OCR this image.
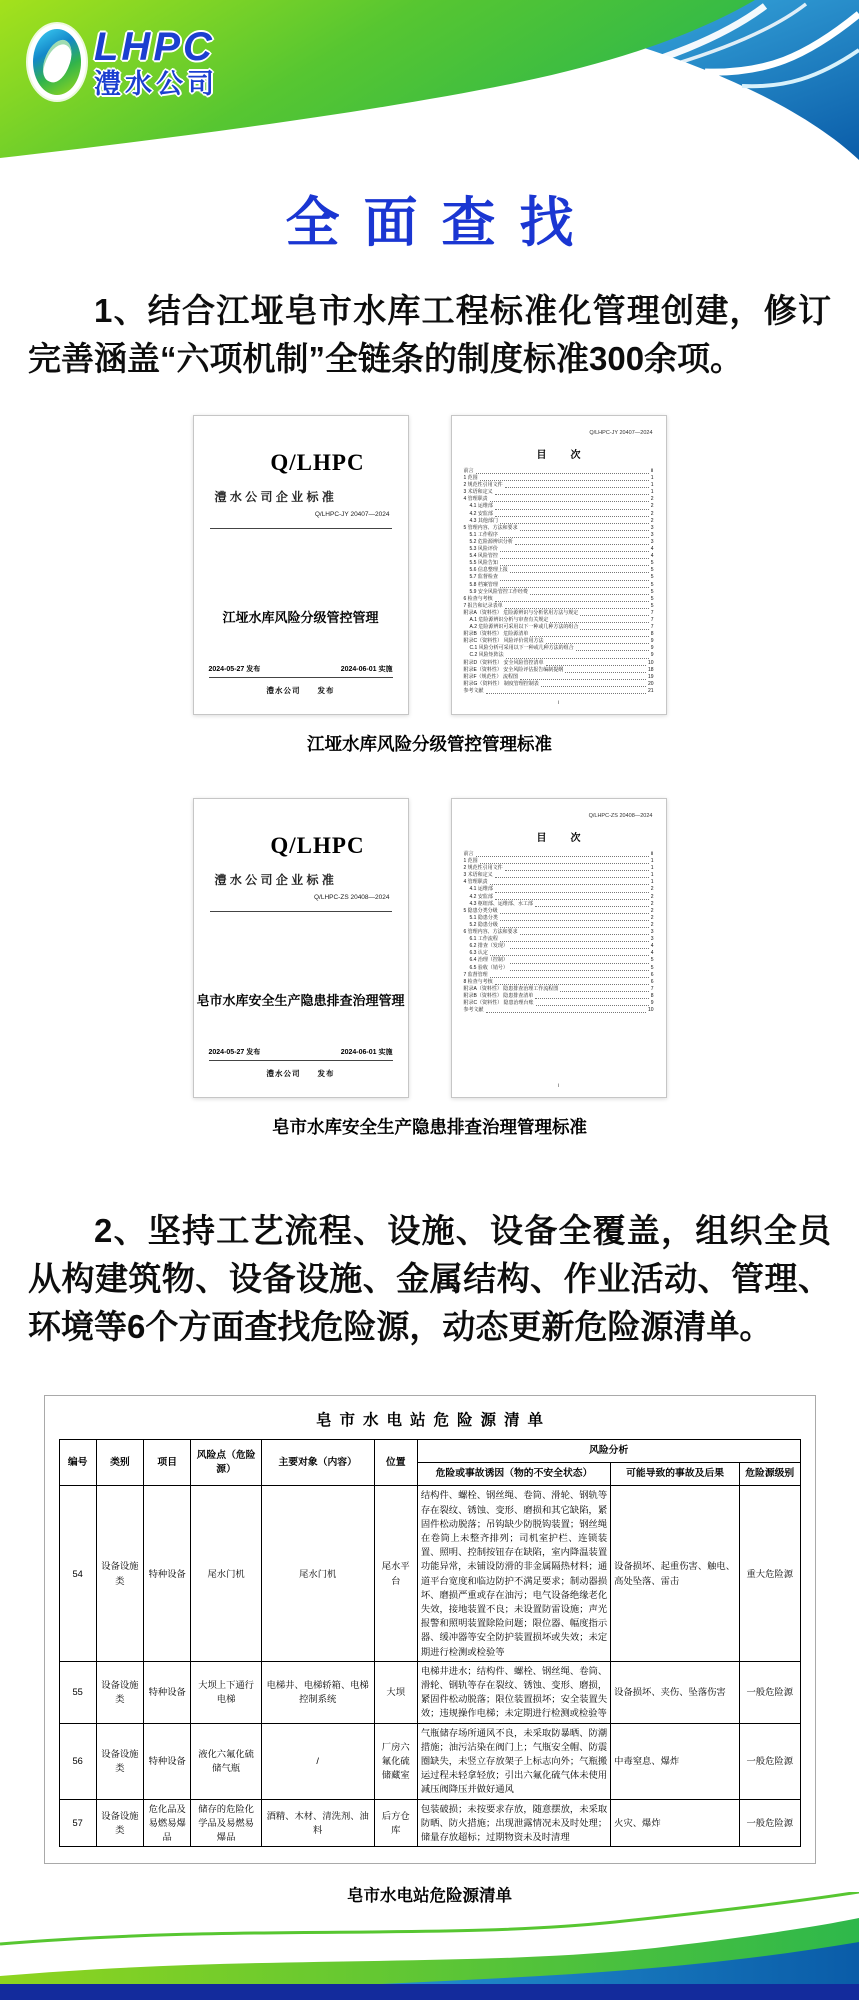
LHPC
澧水公司
全面查找

1、结合江垭皂市水库工程标准化管理创建，修订完善涵盖“六项机制”全链条的制度标准300余项。

Q/LHPC
澧 水 公 司 企 业 标 准
Q/LHPC-JY 20407—2024
江垭水库风险分级管控管理
2024-05-27 发布	2024-06-01 实施
澧水公司　　发布
Q/LHPC-JY 20407—2024
目　次
前言	Ⅱ
1 范围	1
2 规范性引用文件	1
3 术语和定义	1
4 管理职责	2
4.1 运维部	2
4.2 安监部	2
4.3 其他部门	2
5 管理内容、方法和要求	3
5.1 工作程序	3
5.2 危险源辨识分析	3
5.3 风险评价	4
5.4 风险管控	4
5.5 风险告知	5
5.6 信息整理上报	5
5.7 监督检查	5
5.8 档案管理	5
5.9 安全风险管控工作经费	5
6 检查与考核	5
7 报告和记录表单	5
附录A（资料性） 危险源辨识与分析常用方法与规定	7
A.1 危险源辨识分析与审查有关规定	7
A.2 危险源辨识可采用以下一种或几种方法的组合	7
附录B（资料性） 危险源清单	8
附录C（资料性） 风险评价常用方法	9
C.1 风险分析可采用以下一种或几种方法的组合	9
C.2 风险矩阵法	9
附录D（资料性） 安全风险管控清单	10
附录E（资料性） 安全风险评估报告编制提纲	18
附录F（规范性） 流程图	19
附录G（资料性） 制度管理控制表	20
参考文献	21
Ⅰ
江垭水库风险分级管控管理标准
Q/LHPC
澧 水 公 司 企 业 标 准
Q/LHPC-ZS 20408—2024
皂市水库安全生产隐患排查治理管理
2024-05-27 发布	2024-06-01 实施
澧水公司　　发布
Q/LHPC-ZS 20408—2024
目　次
前言	Ⅱ
1 范围	1
2 规范性引用文件	1
3 术语和定义	1
4 管理职责	1
4.1 运维部	2
4.2 安监部	2
4.3 枢纽部、运维部、水工部	2
5 隐患分类分级	2
5.1 隐患分类	2
5.2 隐患分级	2
6 管理内容、方法和要求	3
6.1 工作流程	3
6.2 排查（发现）	4
6.3 认定	4
6.4 治理（控制）	5
6.5 验收（销号）	5
7 监督管理	6
8 检查与考核	6
附录A（资料性） 隐患排查治理工作流程图	7
附录B（资料性） 隐患排查清单	8
附录C（资料性） 隐患治理台账	9
参考文献	10
Ⅰ
皂市水库安全生产隐患排查治理管理标准

2、坚持工艺流程、设施、设备全覆盖，组织全员从构建筑物、设备设施、金属结构、作业活动、管理、环境等6个方面查找危险源，动态更新危险源清单。

皂市水电站危险源清单
编号	类别	项目	风险点（危险源）	主要对象（内容）	位置	风险分析		
						危险或事故诱因（物的不安全状态）	可能导致的事故及后果	危险源级别
54	设备设施类	特种设备	尾水门机	尾水门机	尾水平台	结构件、螺栓、钢丝绳、卷筒、滑轮、钢轨等存在裂纹、锈蚀、变形、磨损和其它缺陷，紧固件松动脱落；吊钩缺少防脱钩装置；钢丝绳在卷筒上未整齐排列；司机室护栏、连锁装置、照明、控制按钮存在缺陷，室内降温装置功能异常，未铺设防滑的非金属隔热材料；通道平台宽度和临边防护不满足要求；制动器损坏、磨损严重或存在油污；电气设备绝缘老化失效，接地装置不良；未设置防雷设施；声光报警和照明装置除险问题；限位器、幅度指示器、缓冲器等安全防护装置损坏或失效；未定期进行检测或检验等	设备损坏、起重伤害、触电、高处坠落、雷击	重大危险源
55	设备设施类	特种设备	大坝上下通行电梯	电梯井、电梯轿箱、电梯控制系统	大坝	电梯井进水；结构件、螺栓、钢丝绳、卷筒、滑轮、钢轨等存在裂纹、锈蚀、变形、磨损，紧固件松动脱落；限位装置损坏；安全装置失效；违规操作电梯；未定期进行检测或检验等	设备损坏、夹伤、坠落伤害	一般危险源
56	设备设施类	特种设备	液化六氟化硫储气瓶	/	厂房六氟化硫储藏室	气瓶储存场所通风不良，未采取防暴晒、防潮措施；油污沾染在阀门上；气瓶安全帽、防震圈缺失，未竖立存放架子上标志向外；气瓶搬运过程未轻拿轻放；引出六氟化硫气体未使用减压阀降压并做好通风	中毒窒息、爆炸	一般危险源
57	设备设施类	危化品及易燃易爆品	储存的危险化学品及易燃易爆品	酒精、木材、清洗剂、油料	后方仓库	包装破损；未按要求存放，随意摆放，未采取防晒、防火措施；出现泄露情况未及时处理；储量存放超标；过期物资未及时清理	火灾、爆炸	一般危险源
皂市水电站危险源清单
